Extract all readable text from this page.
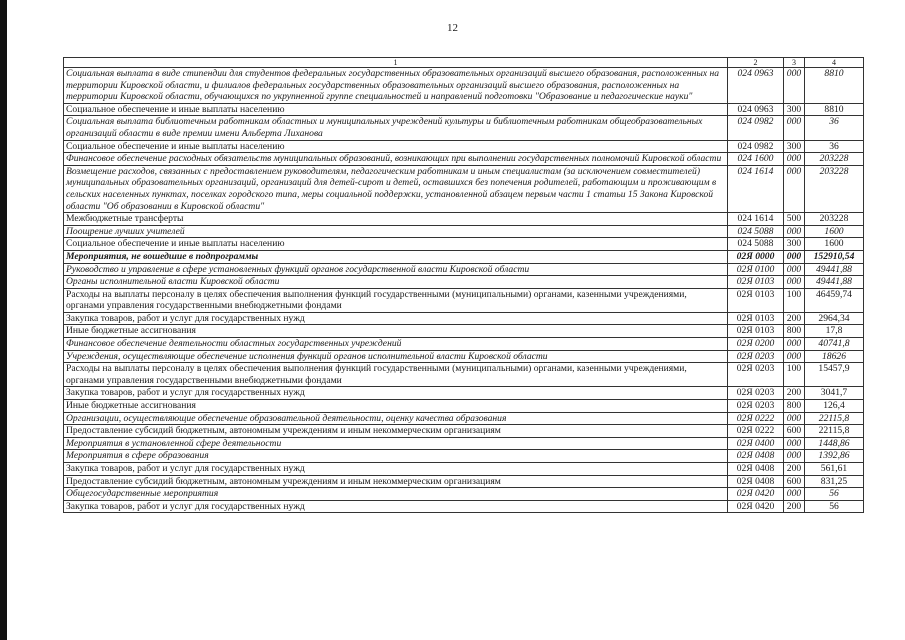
12
1	2	3	4
Социальная выплата в виде стипендии для студентов федеральных государственных образовательных организаций высшего образования, расположенных на территории Кировской области, и филиалов федеральных государственных образовательных организаций высшего образования, расположенных на территории Кировской области, обучающихся по укрупненной группе специальностей и направлений подготовки "Образование и педагогические науки"	024 0963	000	8810
Социальное обеспечение и иные выплаты населению	024 0963	300	8810
Социальная выплата библиотечным работникам областных и муниципальных учреждений культуры и библиотечным работникам общеобразовательных организаций области в виде премии имени Альберта Лиханова	024 0982	000	36
Социальное обеспечение и иные выплаты населению	024 0982	300	36
Финансовое обеспечение расходных обязательств муниципальных образований, возникающих при выполнении государственных полномочий Кировской области	024 1600	000	203228
Возмещение расходов, связанных с предоставлением руководителям, педагогическим работникам и иным специалистам (за исключением совместителей) муниципальных образовательных организаций, организаций для детей-сирот и детей, оставшихся без попечения родителей, работающим и проживающим в сельских населенных пунктах, поселках городского типа, меры социальной поддержки, установленной абзацем первым части 1 статьи 15 Закона Кировской области "Об образовании в Кировской области"	024 1614	000	203228
Межбюджетные трансферты	024 1614	500	203228
Поощрение лучших учителей	024 5088	000	1600
Социальное обеспечение и иные выплаты населению	024 5088	300	1600
Мероприятия, не вошедшие в подпрограммы	02Я 0000	000	152910,54
Руководство и управление в сфере установленных функций органов государственной власти Кировской области	02Я 0100	000	49441,88
Органы исполнительной власти Кировской области	02Я 0103	000	49441,88
Расходы на выплаты персоналу в целях обеспечения выполнения функций государственными (муниципальными) органами, казенными учреждениями, органами управления государственными внебюджетными фондами	02Я 0103	100	46459,74
Закупка товаров, работ и услуг для государственных нужд	02Я 0103	200	2964,34
Иные бюджетные ассигнования	02Я 0103	800	17,8
Финансовое обеспечение деятельности областных государственных учреждений	02Я 0200	000	40741,8
Учреждения, осуществляющие обеспечение исполнения функций органов исполнительной власти Кировской области	02Я 0203	000	18626
Расходы на выплаты персоналу в целях обеспечения выполнения функций государственными (муниципальными) органами, казенными учреждениями, органами управления государственными внебюджетными фондами	02Я 0203	100	15457,9
Закупка товаров, работ и услуг для государственных нужд	02Я 0203	200	3041,7
Иные бюджетные ассигнования	02Я 0203	800	126,4
Организации, осуществляющие обеспечение образовательной деятельности, оценку качества образования	02Я 0222	000	22115,8
Предоставление субсидий бюджетным, автономным учреждениям и иным некоммерческим организациям	02Я 0222	600	22115,8
Мероприятия в установленной сфере деятельности	02Я 0400	000	1448,86
Мероприятия в сфере образования	02Я 0408	000	1392,86
Закупка товаров, работ и услуг для государственных нужд	02Я 0408	200	561,61
Предоставление субсидий бюджетным, автономным учреждениям и иным некоммерческим организациям	02Я 0408	600	831,25
Общегосударственные мероприятия	02Я 0420	000	56
Закупка товаров, работ и услуг для государственных нужд	02Я 0420	200	56
